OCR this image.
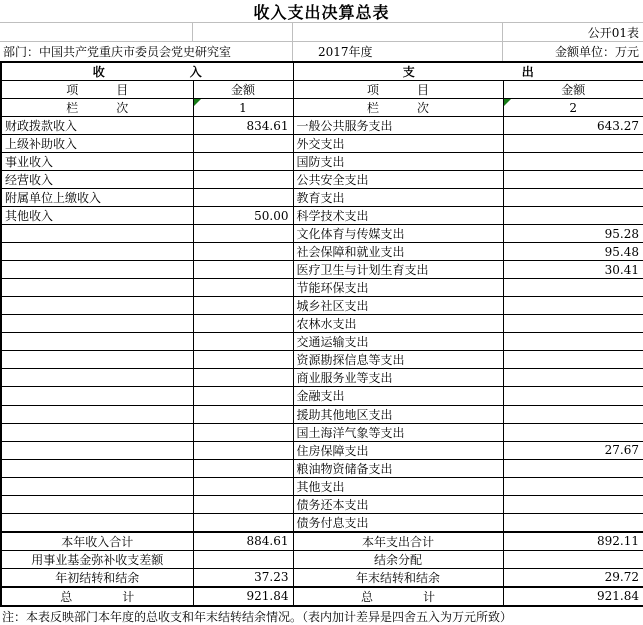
收入支出决算总表
公开01表
部门：中国共产党重庆市委员会党史研究室	2017年度	金额单位：万元
收 入		支 出	

项 目	金额	项 目	金额

栏 次	1	栏 次	2
财政拨款收入	834.61	一般公共服务支出	643.27
上级补助收入		外交支出	
事业收入		国防支出	
经营收入		公共安全支出	
附属单位上缴收入		教育支出	
其他收入	50.00	科学技术支出	
		文化体育与传媒支出	95.28
		社会保障和就业支出	95.48
		医疗卫生与计划生育支出	30.41
		节能环保支出	
		城乡社区支出	
		农林水支出	
		交通运输支出	
		资源勘探信息等支出	
		商业服务业等支出	
		金融支出	
		援助其他地区支出	
		国土海洋气象等支出	
		住房保障支出	27.67
		粮油物资储备支出	
		其他支出	
		债务还本支出	
		债务付息支出	
本年收入合计	884.61	本年支出合计	892.11
用事业基金弥补收支差额		结余分配	
年初结转和结余	37.23	年末结转和结余	29.72

总 计	921.84	总 计	921.84
注：本表反映部门本年度的总收支和年末结转结余情况。（表内加计差异是四舍五入为万元所致）
